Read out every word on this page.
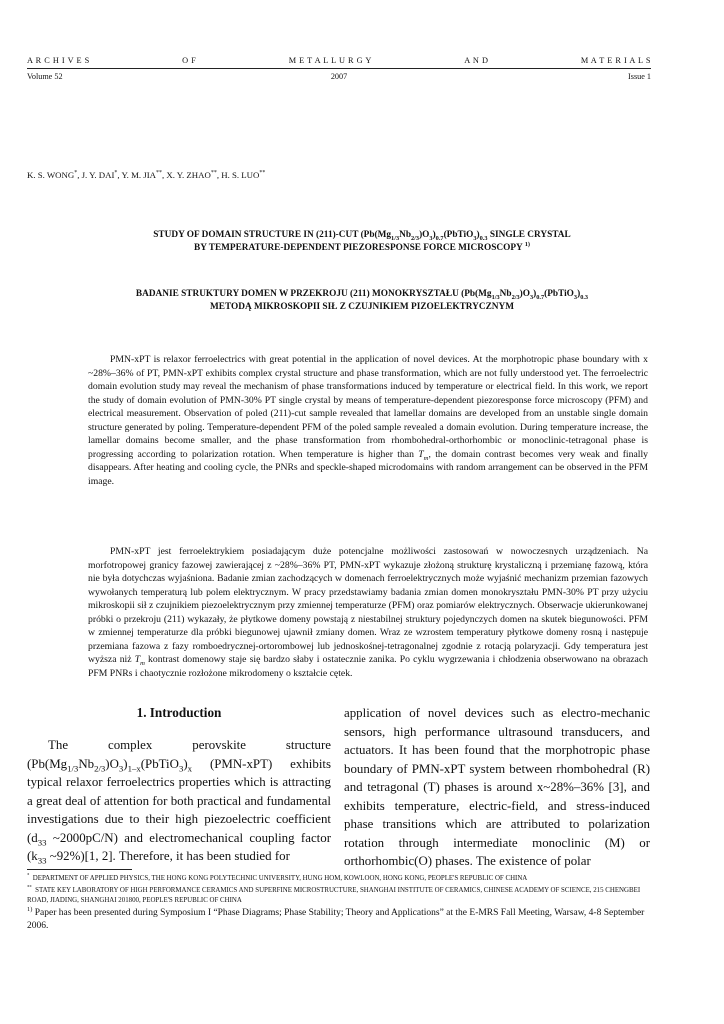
A R C H I V E S	O F	M E T A L L U R G Y	A N D	M A T E R I A L S
Volume 52	2007	Issue 1
K. S. WONG*, J. Y. DAI*, Y. M. JIA**, X. Y. ZHAO**, H. S. LUO**
STUDY OF DOMAIN STRUCTURE IN (211)-CUT $(Pb(Mg_{1/3}Nb_{2/3})O_3)_{0.7}(PbTiO_3)_{0.3}$ SINGLE CRYSTAL
BY TEMPERATURE-DEPENDENT PIEZORESPONSE FORCE MICROSCOPY $^{1)}$
BADANIE STRUKTURY DOMEN W PRZEKROJU (211) MONOKRYSZTAŁU $(Pb(Mg_{1/3}Nb_{2/3})O_3)_{0.7}(PbTiO_3)_{0.3}$
METODĄ MIKROSKOPII SIŁ Z CZUJNIKIEM PIZOELEKTRYCZNYM

PMN-xPT is relaxor ferroelectrics with great potential in the application of novel devices. At the morphotropic phase boundary with x ~28%–36% of PT, PMN-xPT exhibits complex crystal structure and phase transformation, which are not fully understood yet. The ferroelectric domain evolution study may reveal the mechanism of phase transformations induced by temperature or electrical field. In this work, we report the study of domain evolution of PMN-30% PT single crystal by means of temperature-dependent piezoresponse force microscopy (PFM) and electrical measurement. Observation of poled (211)-cut sample revealed that lamellar domains are developed from an unstable single domain structure generated by poling. Temperature-dependent PFM of the poled sample revealed a domain evolution. During temperature increase, the lamellar domains become smaller, and the phase transformation from rhombohedral-orthorhombic or monoclinic-tetragonal phase is progressing according to polarization rotation. When temperature is higher than $T_m$, the domain contrast becomes very weak and finally disappears. After heating and cooling cycle, the PNRs and speckle-shaped microdomains with random arrangement can be observed in the PFM image.

PMN-xPT jest ferroelektrykiem posiadającym duże potencjalne możliwości zastosowań w nowoczesnych urządzeniach. Na morfotropowej granicy fazowej zawierającej z ~28%–36% PT, PMN-xPT wykazuje złożoną strukturę krystaliczną i przemianę fazową, która nie była dotychczas wyjaśniona. Badanie zmian zachodzących w domenach ferroelektrycznych może wyjaśnić mechanizm przemian fazowych wywołanych temperaturą lub polem elektrycznym. W pracy przedstawiamy badania zmian domen monokryształu PMN-30% PT przy użyciu mikroskopii sił z czujnikiem piezoelektrycznym przy zmiennej temperaturze (PFM) oraz pomiarów elektrycznych. Obserwacje ukierunkowanej próbki o przekroju (211) wykazały, że płytkowe domeny powstają z niestabilnej struktury pojedynczych domen na skutek biegunowości. PFM w zmiennej temperaturze dla próbki biegunowej ujawnił zmiany domen. Wraz ze wzrostem temperatury płytkowe domeny rosną i następuje przemiana fazowa z fazy romboedrycznej-ortorombowej lub jednoskośnej-tetragonalnej zgodnie z rotacją polaryzacji. Gdy temperatura jest wyższa niż $T_m$ kontrast domenowy staje się bardzo słaby i ostatecznie zanika. Po cyklu wygrzewania i chłodzenia obserwowano na obrazach PFM PNRs i chaotycznie rozłożone mikrodomeny o kształcie cętek.

1. Introduction

The complex perovskite structure $(Pb(Mg_{1/3}Nb_{2/3})O_3)_{1-x}(PbTiO_3)_x$ (PMN-xPT) exhibits typical relaxor ferroelectrics properties which is attracting a great deal of attention for both practical and fundamental investigations due to their high piezoelectric coefficient ($d_{33}$ ~2000pC/N) and electromechanical coupling factor ($k_{33}$ ~92%)[1, 2]. Therefore, it has been studied for

application of novel devices such as electro-mechanic sensors, high performance ultrasound transducers, and actuators. It has been found that the morphotropic phase boundary of PMN-xPT system between rhombohedral (R) and tetragonal (T) phases is around x~28%–36% [3], and exhibits temperature, electric-field, and stress-induced phase transitions which are attributed to polarization rotation through intermediate monoclinic (M) or orthorhombic(O) phases. The existence of polar

*  DEPARTMENT OF APPLIED PHYSICS, THE HONG KONG POLYTECHNIC UNIVERSITY, HUNG HOM, KOWLOON, HONG KONG, PEOPLE'S REPUBLIC OF CHINA

**  STATE KEY LABORATORY OF HIGH PERFORMANCE CERAMICS AND SUPERFINE MICROSTRUCTURE, SHANGHAI INSTITUTE OF CERAMICS, CHINESE ACADEMY OF SCIENCE, 215 CHENGBEI ROAD, JIADING, SHANGHAI 201800, PEOPLE'S REPUBLIC OF CHINA

$^{1)}$ Paper has been presented during Symposium I “Phase Diagrams; Phase Stability; Theory and Applications” at the E-MRS Fall Meeting, Warsaw, 4-8 September 2006.
